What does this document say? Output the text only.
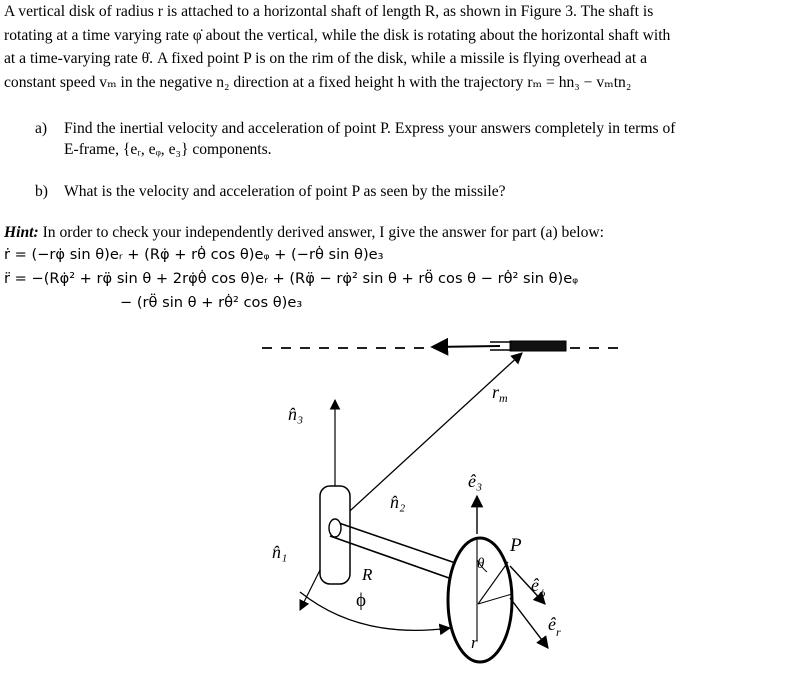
A vertical disk of radius r is attached to a horizontal shaft of length R, as shown in Figure 3. The shaft is
rotating at a time varying rate φ̇ about the vertical, while the disk is rotating about the horizontal shaft with
at a time-varying rate θ̇. A fixed point P is on the rim of the disk, while a missile is flying overhead at a
constant speed vₘ in the negative n₂ direction at a fixed height h with the trajectory rₘ = hn₃ − vₘtn₂
a) Find the inertial velocity and acceleration of point P. Express your answers completely in terms of
E-frame, {eᵣ, eᵩ, e₃} components.
b) What is the velocity and acceleration of point P as seen by the missile?
Hint: In order to check your independently derived answer, I give the answer for part (a) below:
ṙ = (−rφ̇ sin θ)eᵣ + (Rφ̇ + rθ̇ cos θ)eᵩ + (−rθ̇ sin θ)e₃
r̈ = −(Rφ̇² + rφ̈ sin θ + 2rφ̇θ̇ cos θ)eᵣ + (Rφ̈ − rφ̇² sin θ + rθ̈ cos θ − rθ̇² sin θ)eᵩ
− (rθ̈ sin θ + rθ̇² cos θ)e₃
$r_m$
n̂₃
n̂₁
n̂₂
R
ϕ
ê₃
θ
P
r
$ê_\phi$
$ê_r$
